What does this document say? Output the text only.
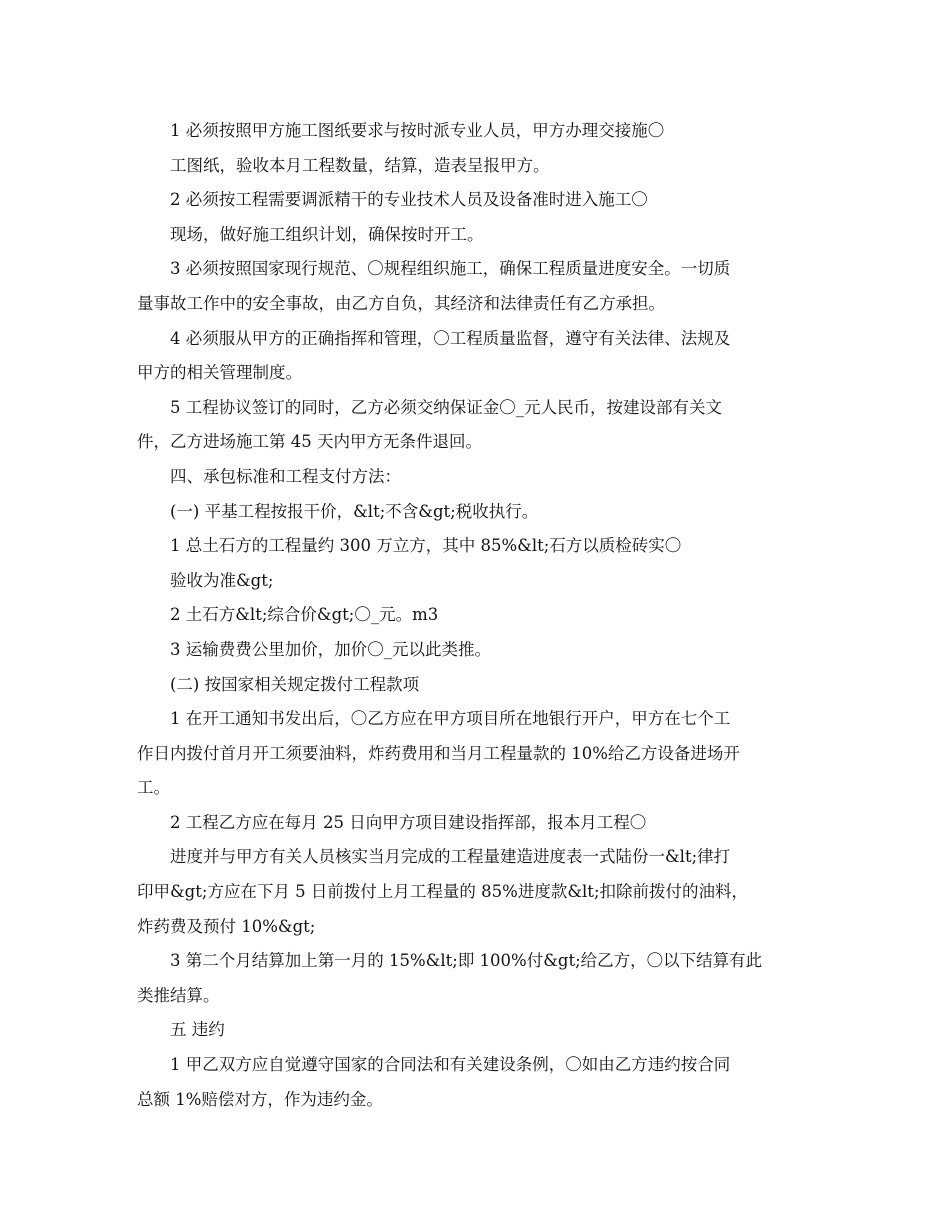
1 必须按照甲方施工图纸要求与按时派专业人员，甲方办理交接施〇

工图纸，验收本月工程数量，结算，造表呈报甲方。

2 必须按工程需要调派精干的专业技术人员及设备准时进入施工〇

现场，做好施工组织计划，确保按时开工。

3 必须按照国家现行规范、〇规程组织施工，确保工程质量进度安全。一切质
量事故工作中的安全事故，由乙方自负，其经济和法律责任有乙方承担。

4 必须服从甲方的正确指挥和管理，〇工程质量监督，遵守有关法律、法规及
甲方的相关管理制度。

5 工程协议签订的同时，乙方必须交纳保证金〇_元人民币，按建设部有关文
件，乙方进场施工第 45 天内甲方无条件退回。

四、承包标准和工程支付方法：

(一) 平基工程按报干价，&lt;不含&gt;税收执行。

1 总土石方的工程量约 300 万立方，其中 85%&lt;石方以质检砖实〇

验收为准&gt;

2 土石方&lt;综合价&gt;〇_元。m3

3 运输费费公里加价，加价〇_元以此类推。

(二) 按国家相关规定拨付工程款项

1 在开工通知书发出后，〇乙方应在甲方项目所在地银行开户，甲方在七个工
作日内拨付首月开工须要油料，炸药费用和当月工程量款的 10%给乙方设备进场开
工。

2 工程乙方应在每月 25 日向甲方项目建设指挥部，报本月工程〇

进度并与甲方有关人员核实当月完成的工程量建造进度表一式陆份一&lt;律打
印甲&gt;方应在下月 5 日前拨付上月工程量的 85%进度款&lt;扣除前拨付的油料，
炸药费及预付 10%&gt;

3 第二个月结算加上第一月的 15%&lt;即 100%付&gt;给乙方，〇以下结算有此
类推结算。

五 违约

1 甲乙双方应自觉遵守国家的合同法和有关建设条例，〇如由乙方违约按合同
总额 1%赔偿对方，作为违约金。
